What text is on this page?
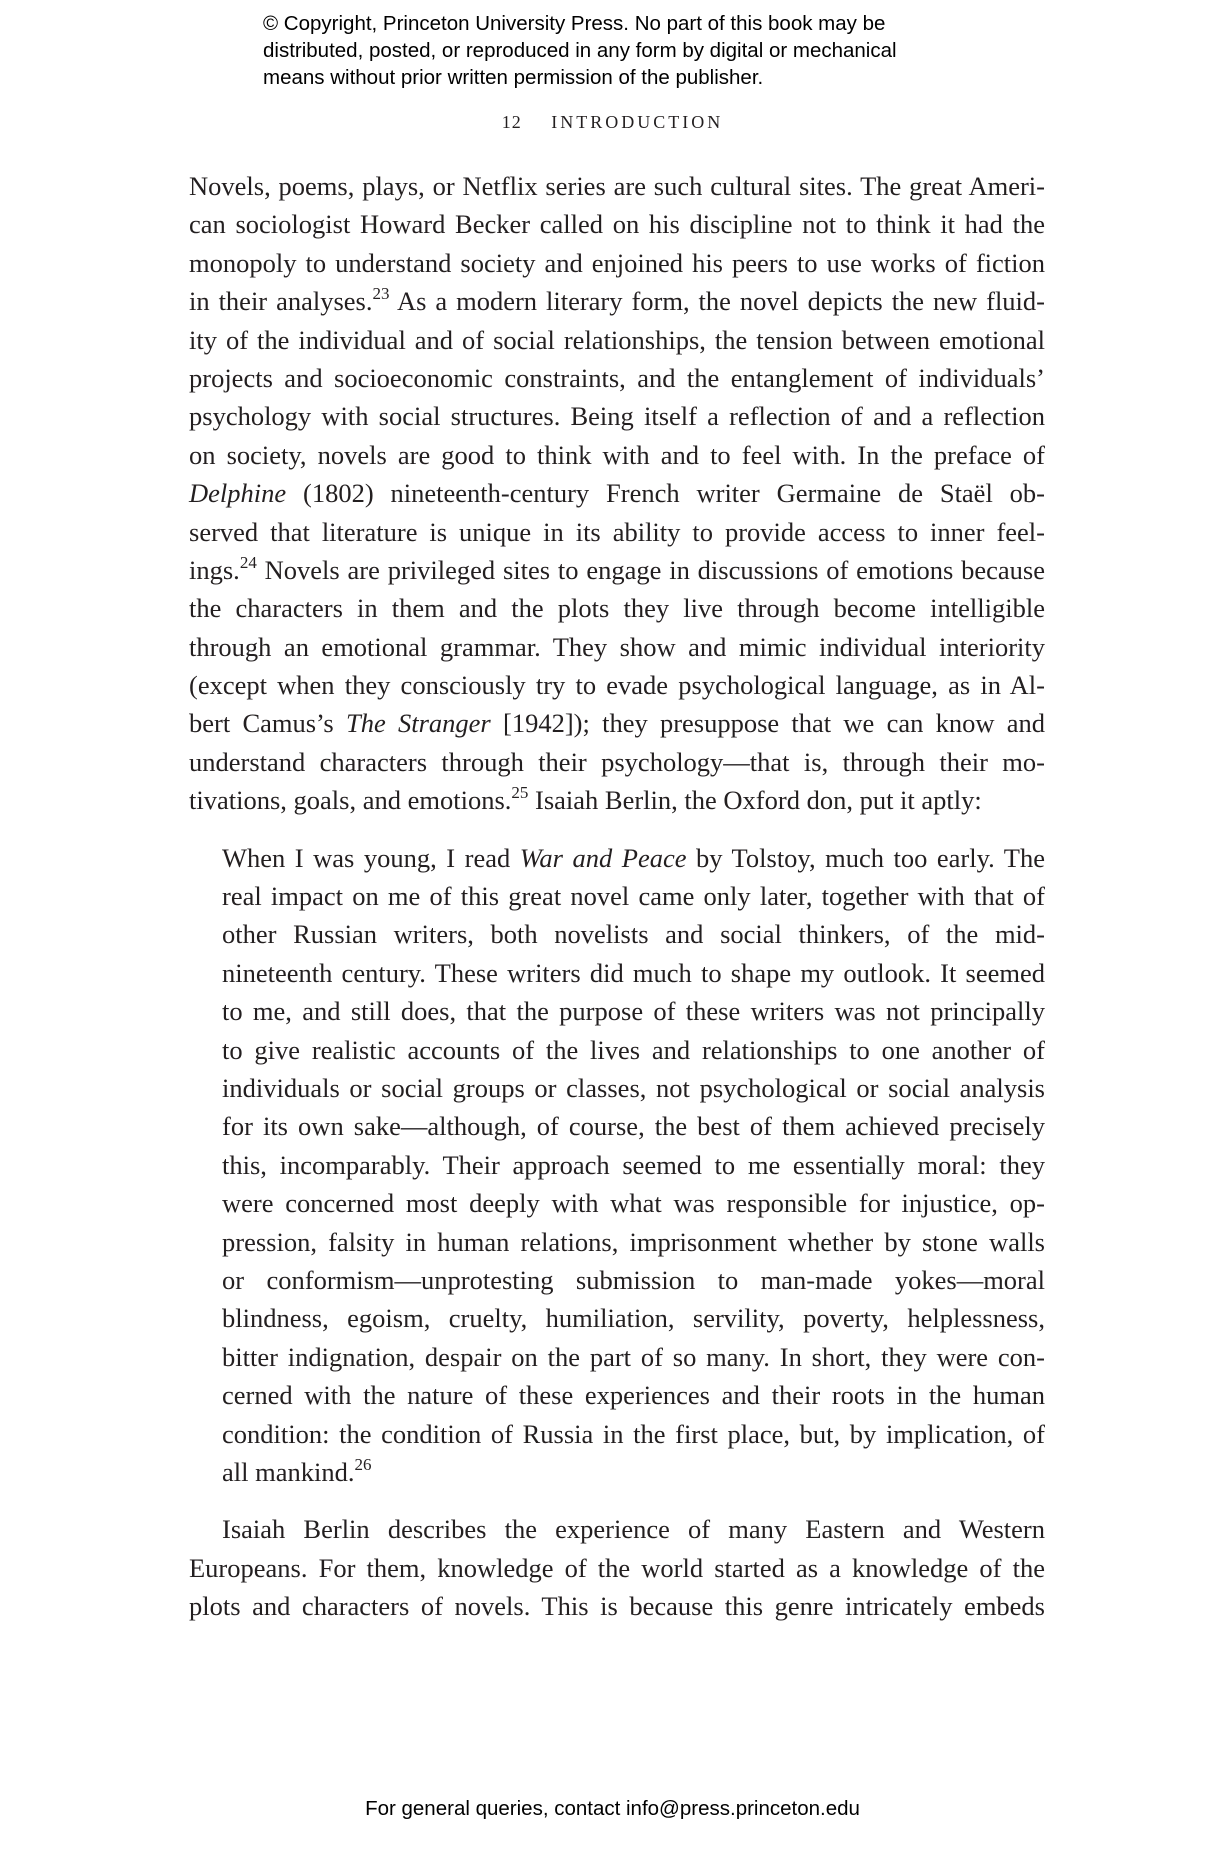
© Copyright, Princeton University Press. No part of this book may be
distributed, posted, or reproduced in any form by digital or mechanical
means without prior written permission of the publisher.
12 INTRODUCTION
Novels, poems, plays, or Netflix series are such cultural sites. The great Ameri-
can sociologist Howard Becker called on his discipline not to think it had the
monopoly to understand society and enjoined his peers to use works of fiction
in their analyses.$^{23}$ As a modern literary form, the novel depicts the new fluid-
ity of the individual and of social relationships, the tension between emotional
projects and socioeconomic constraints, and the entanglement of individuals’
psychology with social structures. Being itself a reflection of and a reflection
on society, novels are good to think with and to feel with. In the preface of
Delphine (1802) nineteenth-century French writer Germaine de Staël ob-
served that literature is unique in its ability to provide access to inner feel-
ings.$^{24}$ Novels are privileged sites to engage in discussions of emotions because
the characters in them and the plots they live through become intelligible
through an emotional grammar. They show and mimic individual interiority
(except when they consciously try to evade psychological language, as in Al-
bert Camus’s The Stranger [1942]); they presuppose that we can know and
understand characters through their psychology—that is, through their mo-
tivations, goals, and emotions.$^{25}$ Isaiah Berlin, the Oxford don, put it aptly:
When I was young, I read War and Peace by Tolstoy, much too early. The
real impact on me of this great novel came only later, together with that of
other Russian writers, both novelists and social thinkers, of the mid-
nineteenth century. These writers did much to shape my outlook. It seemed
to me, and still does, that the purpose of these writers was not principally
to give realistic accounts of the lives and relationships to one another of
individuals or social groups or classes, not psychological or social analysis
for its own sake—although, of course, the best of them achieved precisely
this, incomparably. Their approach seemed to me essentially moral: they
were concerned most deeply with what was responsible for injustice, op-
pression, falsity in human relations, imprisonment whether by stone walls
or conformism—unprotesting submission to man-made yokes—moral
blindness, egoism, cruelty, humiliation, servility, poverty, helplessness,
bitter indignation, despair on the part of so many. In short, they were con-
cerned with the nature of these experiences and their roots in the human
condition: the condition of Russia in the first place, but, by implication, of
all mankind.$^{26}$
Isaiah Berlin describes the experience of many Eastern and Western
Europeans. For them, knowledge of the world started as a knowledge of the
plots and characters of novels. This is because this genre intricately embeds
For general queries, contact info@press.princeton.edu
